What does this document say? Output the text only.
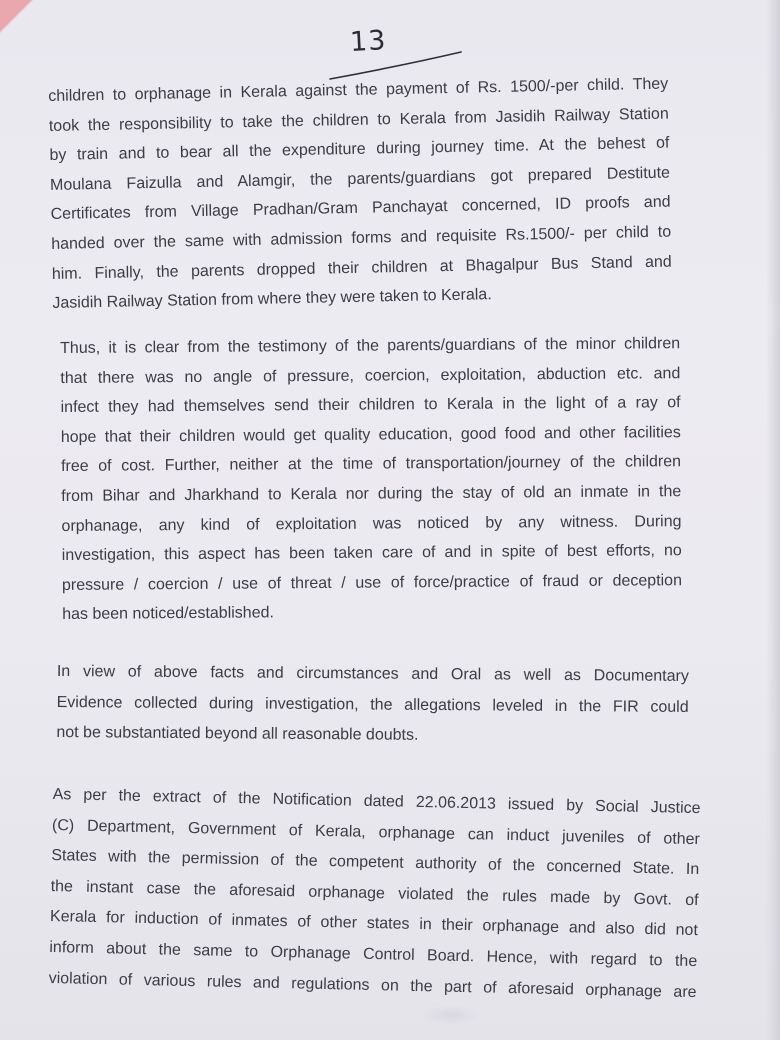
13
children to orphanage in Kerala against the payment of Rs. 1500/-per child. They
took the responsibility to take the children to Kerala from Jasidih Railway Station
by train and to bear all the expenditure during journey time. At the behest of
Moulana Faizulla and Alamgir, the parents/guardians got prepared Destitute
Certificates from Village Pradhan/Gram Panchayat concerned, ID proofs and
handed over the same with admission forms and requisite Rs.1500/- per child to
him. Finally, the parents dropped their children at Bhagalpur Bus Stand and
Jasidih Railway Station from where they were taken to Kerala.
Thus, it is clear from the testimony of the parents/guardians of the minor children
that there was no angle of pressure, coercion, exploitation, abduction etc. and
infect they had themselves send their children to Kerala in the light of a ray of
hope that their children would get quality education, good food and other facilities
free of cost. Further, neither at the time of transportation/journey of the children
from Bihar and Jharkhand to Kerala nor during the stay of old an inmate in the
orphanage, any kind of exploitation was noticed by any witness. During
investigation, this aspect has been taken care of and in spite of best efforts, no
pressure / coercion / use of threat / use of force/practice of fraud or deception
has been noticed/established.
In view of above facts and circumstances and Oral as well as Documentary
Evidence collected during investigation, the allegations leveled in the FIR could
not be substantiated beyond all reasonable doubts.
As per the extract of the Notification dated 22.06.2013 issued by Social Justice
(C) Department, Government of Kerala, orphanage can induct juveniles of other
States with the permission of the competent authority of the concerned State. In
the instant case the aforesaid orphanage violated the rules made by Govt. of
Kerala for induction of inmates of other states in their orphanage and also did not
inform about the same to Orphanage Control Board. Hence, with regard to the
violation of various rules and regulations on the part of aforesaid orphanage are
